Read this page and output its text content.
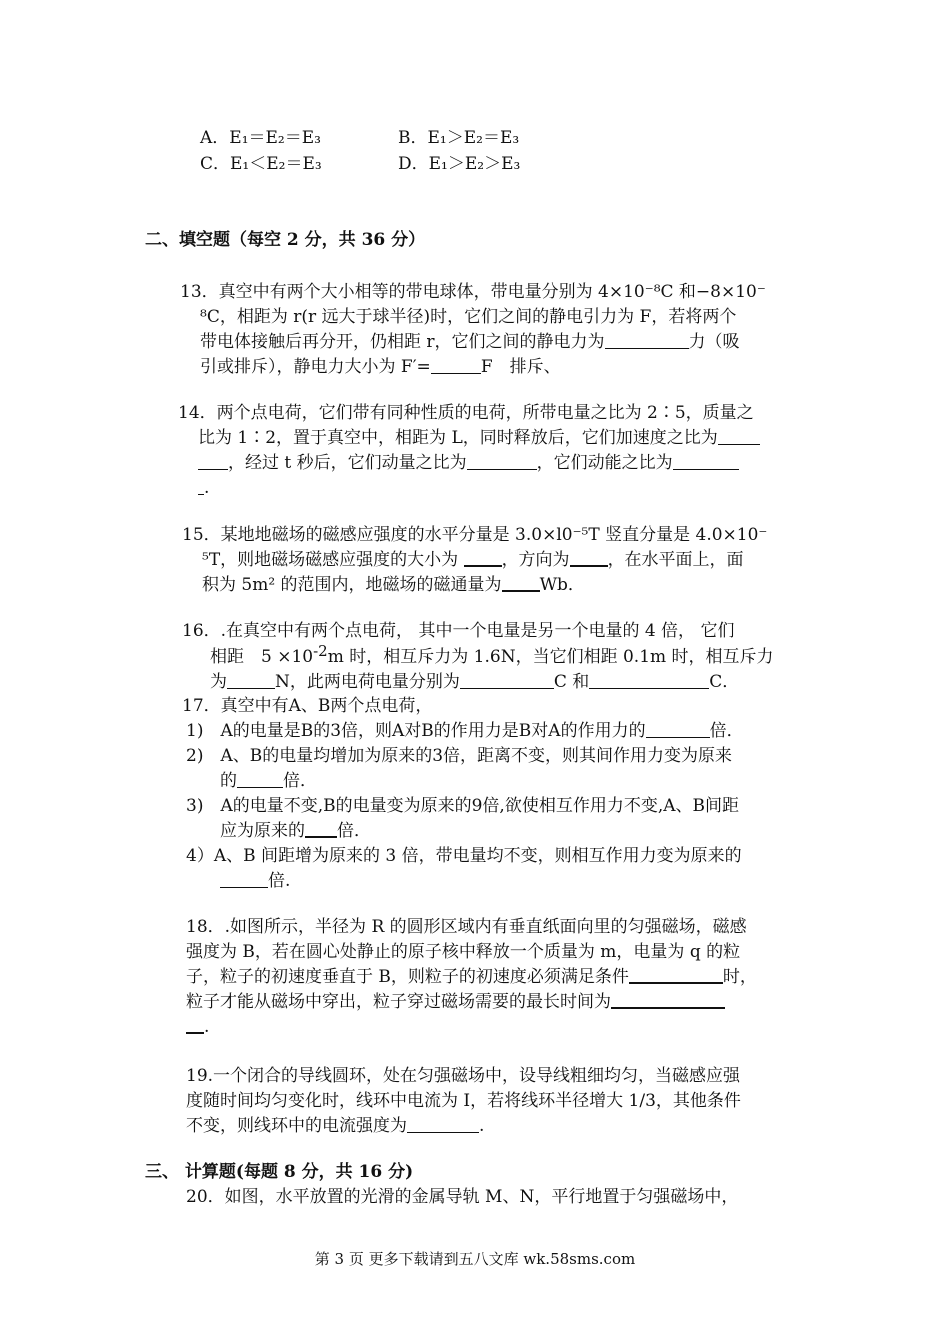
A．E₁＝E₂＝E₃	B．E₁＞E₂＝E₃
C．E₁＜E₂＝E₃	D．E₁＞E₂＞E₃
二、填空题（每空 2 分，共 36 分）
13．真空中有两个大小相等的带电球体，带电量分别为 4×10⁻⁸C 和−8×10⁻
⁸C，相距为 r(r 远大于球半径)时，它们之间的静电引力为 F，若将两个
带电体接触后再分开，仍相距 r，它们之间的静电力为	力（吸
引或排斥），静电力大小为 F′=	F　排斥、
14．两个点电荷，它们带有同种性质的电荷，所带电量之比为 2∶5，质量之
比为 1∶2，置于真空中，相距为 L，同时释放后，它们加速度之比为
，经过 t 秒后，它们动量之比为	，它们动能之比为
.
15．某地地磁场的磁感应强度的水平分量是 3.0×l0⁻⁵T 竖直分量是 4.0×10⁻
⁵T，则地磁场磁感应强度的大小为 ，方向为 ，在水平面上，面
积为 5m² 的范围内，地磁场的磁通量为 Wb．
16．.在真空中有两个点电荷， 其中一个电量是另一个电量的 4 倍， 它们
相距　$5 \times 10^{-2}m$ 时，相互斥力为 1.6N，当它们相距 0.1m 时，相互斥力
为	N，此两电荷电量分别为	C 和	C．
17．真空中有A、B两个点电荷，
1)　A的电量是B的3倍，则A对B的作用力是B对A的作用力的	倍．
2)　A、B的电量均增加为原来的3倍，距离不变，则其间作用力变为原来
的	倍．
3)　A的电量不变,B的电量变为原来的9倍,欲使相互作用力不变,A、B间距
应为原来的 倍．
4）A、B 间距增为原来的 3 倍，带电量均不变，则相互作用力变为原来的
倍.
18．.如图所示，半径为 R 的圆形区域内有垂直纸面向里的匀强磁场，磁感
强度为 B，若在圆心处静止的原子核中释放一个质量为 m，电量为 q 的粒
子，粒子的初速度垂直于 B，则粒子的初速度必须满足条件	时，
粒子才能从磁场中穿出，粒子穿过磁场需要的最长时间为
.
19.一个闭合的导线圆环，处在匀强磁场中，设导线粗细均匀，当磁感应强
度随时间均匀变化时，线环中电流为 I，若将线环半径增大 1/3，其他条件
不变，则线环中的电流强度为	.
三、 计算题(每题 8 分，共 16 分)
20．如图，水平放置的光滑的金属导轨 M、N，平行地置于匀强磁场中，
第 3 页 更多下载请到五八文库 wk.58sms.com
